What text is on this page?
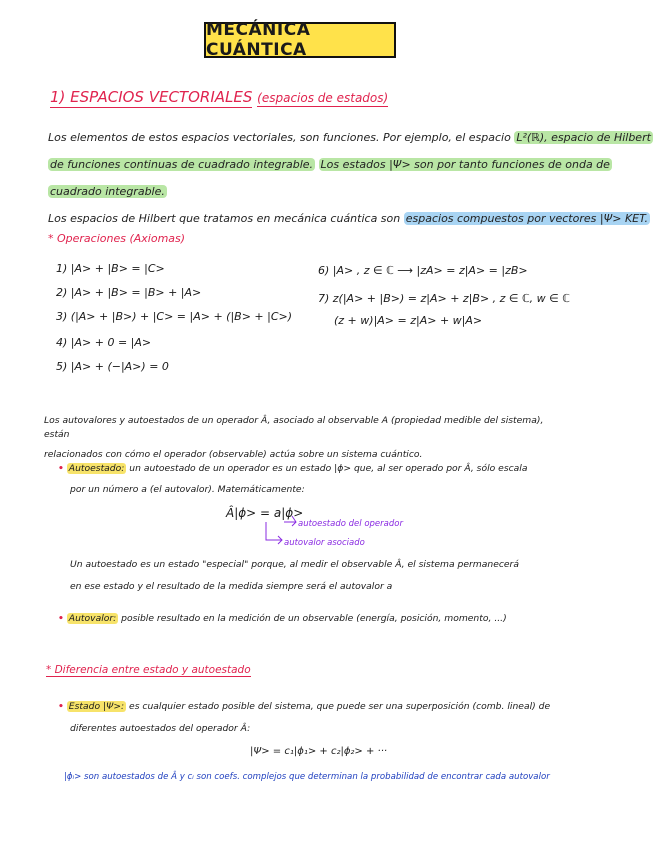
MECÁNICA CUÁNTICA
1) ESPACIOS VECTORIALES (espacios de estados)
Los elementos de estos espacios vectoriales, son funciones. Por ejemplo, el espacio L²(ℝ), espacio de Hilbert
de funciones continuas de cuadrado integrable. Los estados |Ψ> son por tanto funciones de onda de
cuadrado integrable.
Los espacios de Hilbert que tratamos en mecánica cuántica son espacios compuestos por vectores |Ψ> KET.
* Operaciones (Axiomas)
1) |A> + |B> = |C>
2) |A> + |B> = |B> + |A>
3) (|A> + |B>) + |C> = |A> + (|B> + |C>)
4) |A> + 0 = |A>
5) |A> + (−|A>) = 0
6) |A> , z ∈ ℂ ⟶ |zA> = z|A> = |zB>
7) z(|A> + |B>) = z|A> + z|B> , z ∈ ℂ, w ∈ ℂ
(z + w)|A> = z|A> + w|A>
Los autovalores y autoestados de un operador Â, asociado al observable A (propiedad medible del sistema), están
relacionados con cómo el operador (observable) actúa sobre un sistema cuántico.
• Autoestado: un autoestado de un operador es un estado |ϕ> que, al ser operado por Â, sólo escala
por un número a (el autovalor). Matemáticamente:
Â|ϕ> = a|ϕ>
autoestado del operador
autovalor asociado
Un autoestado es un estado "especial" porque, al medir el observable Â, el sistema permanecerá
en ese estado y el resultado de la medida siempre será el autovalor a
• Autovalor: posible resultado en la medición de un observable (energía, posición, momento, ...)
* Diferencia entre estado y autoestado
• Estado |Ψ>: es cualquier estado posible del sistema, que puede ser una superposición (comb. lineal) de
diferentes autoestados del operador Â:
|Ψ> = c₁|ϕ₁> + c₂|ϕ₂> + ···
|ϕᵢ> son autoestados de Â y cᵢ son coefs. complejos que determinan la probabilidad de encontrar cada autovalor
